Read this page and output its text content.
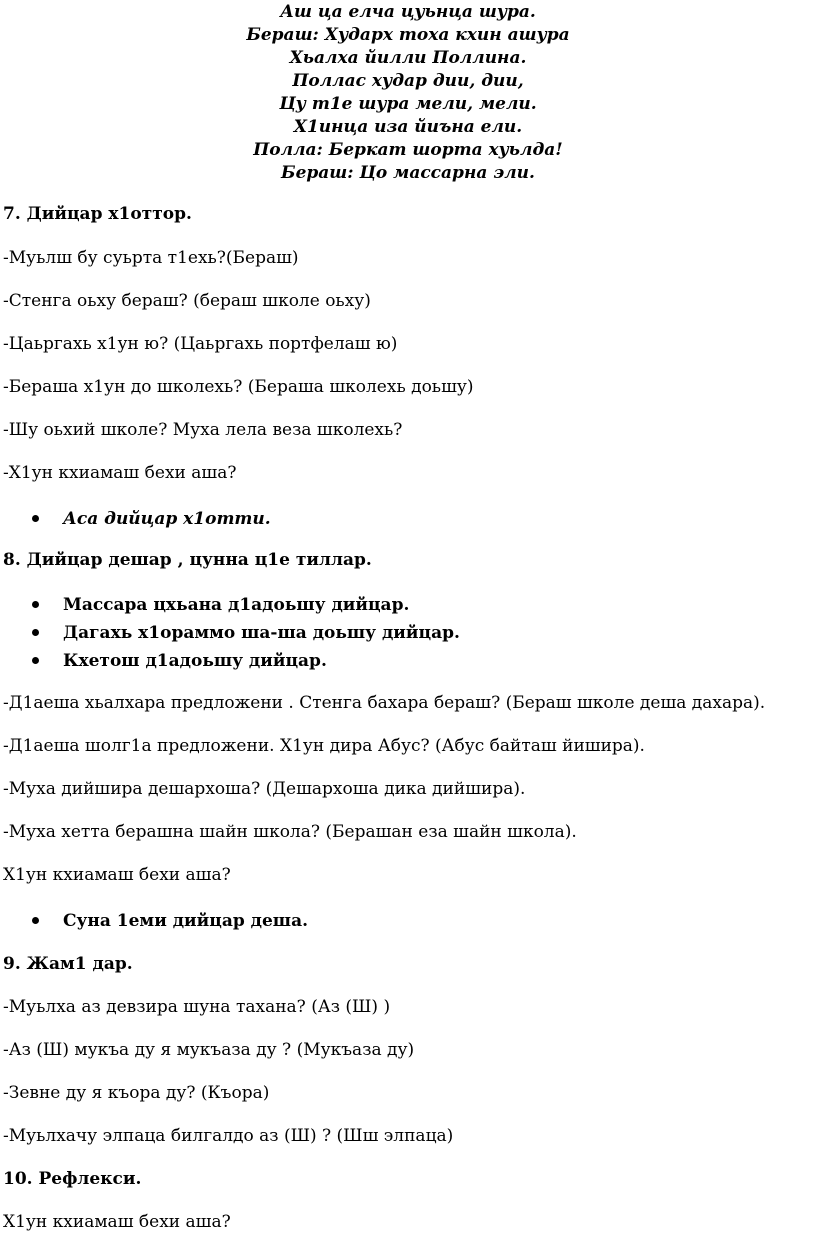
Аш ца елча цуьнца шура.
Бераш: Хударх тоха кхин ашура
Хьалха йилли Поллина.
Поллас худар дии, дии,
Цу т1е шура мели, мели.
Х1инца иза йиъна ели.
Полла: Беркат шорта хуьлда!
Бераш: Цо массарна эли.
7. Дийцар х1оттор.
-Муьлш бу суьрта т1ехь?(Бераш)
-Стенга оьху бераш? (бераш школе оьху)
-Цаьргахь х1ун ю? (Цаьргахь портфелаш ю)
-Бераша х1ун до школехь? (Бераша школехь доьшу)
-Шу оьхий школе? Муха лела веза школехь?
-Х1ун кхиамаш бехи аша?
Аса дийцар х1отти.
8. Дийцар дешар , цунна ц1е тиллар.
Массара цхьана д1адоьшу дийцар.
Дагахь х1ораммо ша-ша доьшу дийцар.
Кхетош д1адоьшу дийцар.
-Д1аеша хьалхара предложени . Стенга бахара бераш? (Бераш школе деша дахара).
-Д1аеша шолг1а предложени. Х1ун дира Абус? (Абус байташ йишира).
-Муха дийшира дешархоша? (Дешархоша дика дийшира).
-Муха хетта берашна шайн школа? (Берашан еза шайн школа).
Х1ун кхиамаш бехи аша?
Суна 1еми дийцар деша.
9. Жам1 дар.
-Муьлха аз девзира шуна тахана? (Аз (Ш) )
-Аз (Ш) мукъа ду я мукъаза ду ? (Мукъаза ду)
-Зевне ду я къора ду? (Къора)
-Муьлхачу элпаца билгалдо аз (Ш) ? (Шш элпаца)
10. Рефлекси.
Х1ун кхиамаш бехи аша?
